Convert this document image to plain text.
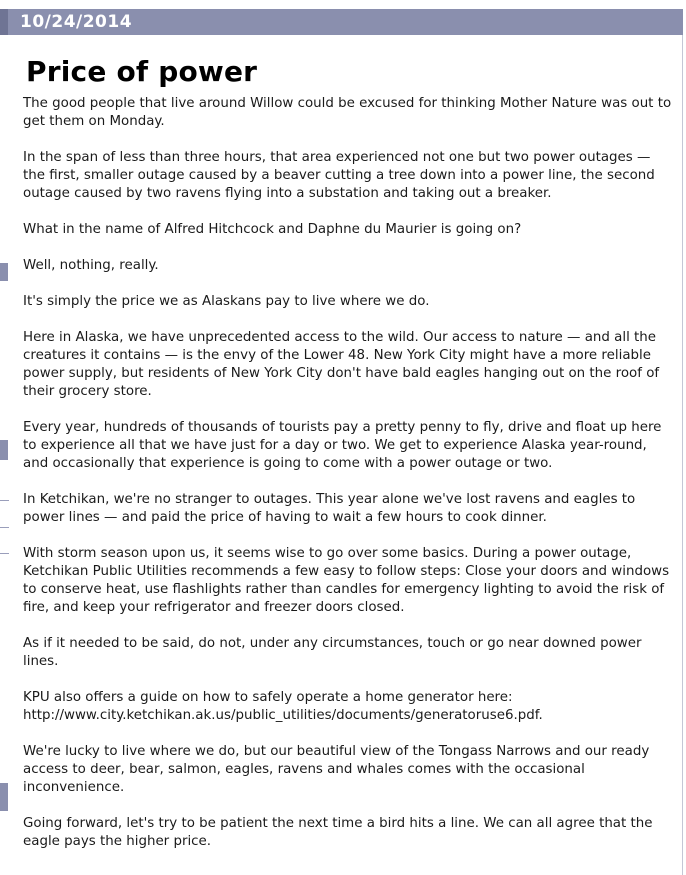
10/24/2014
Price of power

The good people that live around Willow could be excused for thinking Mother Nature was out to get them on Monday.

In the span of less than three hours, that area experienced not one but two power outages — the first, smaller outage caused by a beaver cutting a tree down into a power line, the second outage caused by two ravens flying into a substation and taking out a breaker.

What in the name of Alfred Hitchcock and Daphne du Maurier is going on?

Well, nothing, really.

It's simply the price we as Alaskans pay to live where we do.

Here in Alaska, we have unprecedented access to the wild. Our access to nature — and all the creatures it contains — is the envy of the Lower 48. New York City might have a more reliable power supply, but residents of New York City don't have bald eagles hanging out on the roof of their grocery store.

Every year, hundreds of thousands of tourists pay a pretty penny to fly, drive and float up here to experience all that we have just for a day or two. We get to experience Alaska year-round, and occasionally that experience is going to come with a power outage or two.

In Ketchikan, we're no stranger to outages. This year alone we've lost ravens and eagles to power lines — and paid the price of having to wait a few hours to cook dinner.

With storm season upon us, it seems wise to go over some basics. During a power outage, Ketchikan Public Utilities recommends a few easy to follow steps: Close your doors and windows to conserve heat, use flashlights rather than candles for emergency lighting to avoid the risk of fire, and keep your refrigerator and freezer doors closed.

As if it needed to be said, do not, under any circumstances, touch or go near downed power lines.

KPU also offers a guide on how to safely operate a home generator here: http://www.city.ketchikan.ak.us/public_utilities/documents/generatoruse6.pdf.

We're lucky to live where we do, but our beautiful view of the Tongass Narrows and our ready access to deer, bear, salmon, eagles, ravens and whales comes with the occasional inconvenience.

Going forward, let's try to be patient the next time a bird hits a line. We can all agree that the eagle pays the higher price.
